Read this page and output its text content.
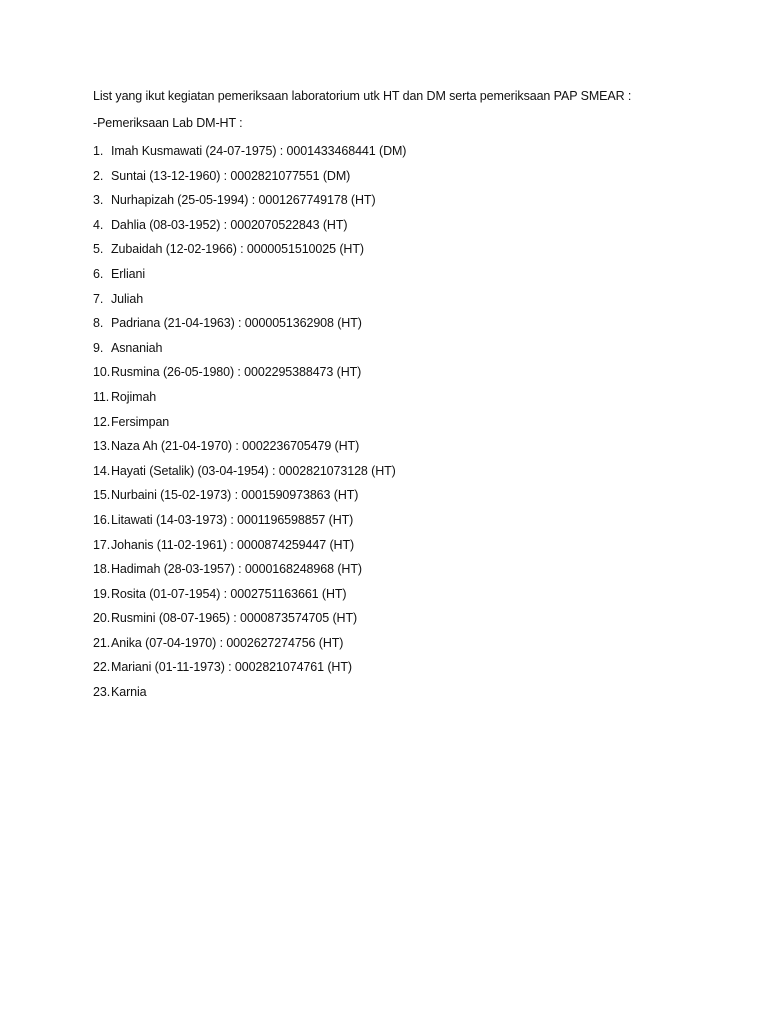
List yang ikut kegiatan pemeriksaan laboratorium utk HT dan DM serta pemeriksaan PAP SMEAR :
-Pemeriksaan Lab DM-HT :
1. Imah Kusmawati (24-07-1975) : 0001433468441 (DM)
2. Suntai (13-12-1960) : 0002821077551 (DM)
3. Nurhapizah (25-05-1994) : 0001267749178 (HT)
4. Dahlia (08-03-1952) : 0002070522843 (HT)
5. Zubaidah (12-02-1966) : 0000051510025 (HT)
6. Erliani
7. Juliah
8. Padriana (21-04-1963) : 0000051362908 (HT)
9. Asnaniah
10. Rusmina (26-05-1980) : 0002295388473 (HT)
11. Rojimah
12. Fersimpan
13. Naza Ah (21-04-1970) : 0002236705479 (HT)
14. Hayati (Setalik) (03-04-1954) : 0002821073128 (HT)
15. Nurbaini (15-02-1973) : 0001590973863 (HT)
16. Litawati (14-03-1973) : 0001196598857 (HT)
17. Johanis (11-02-1961) : 0000874259447 (HT)
18. Hadimah (28-03-1957) : 0000168248968 (HT)
19. Rosita (01-07-1954) : 0002751163661 (HT)
20. Rusmini (08-07-1965) : 0000873574705 (HT)
21. Anika (07-04-1970) : 0002627274756 (HT)
22. Mariani (01-11-1973) : 0002821074761 (HT)
23. Karnia
